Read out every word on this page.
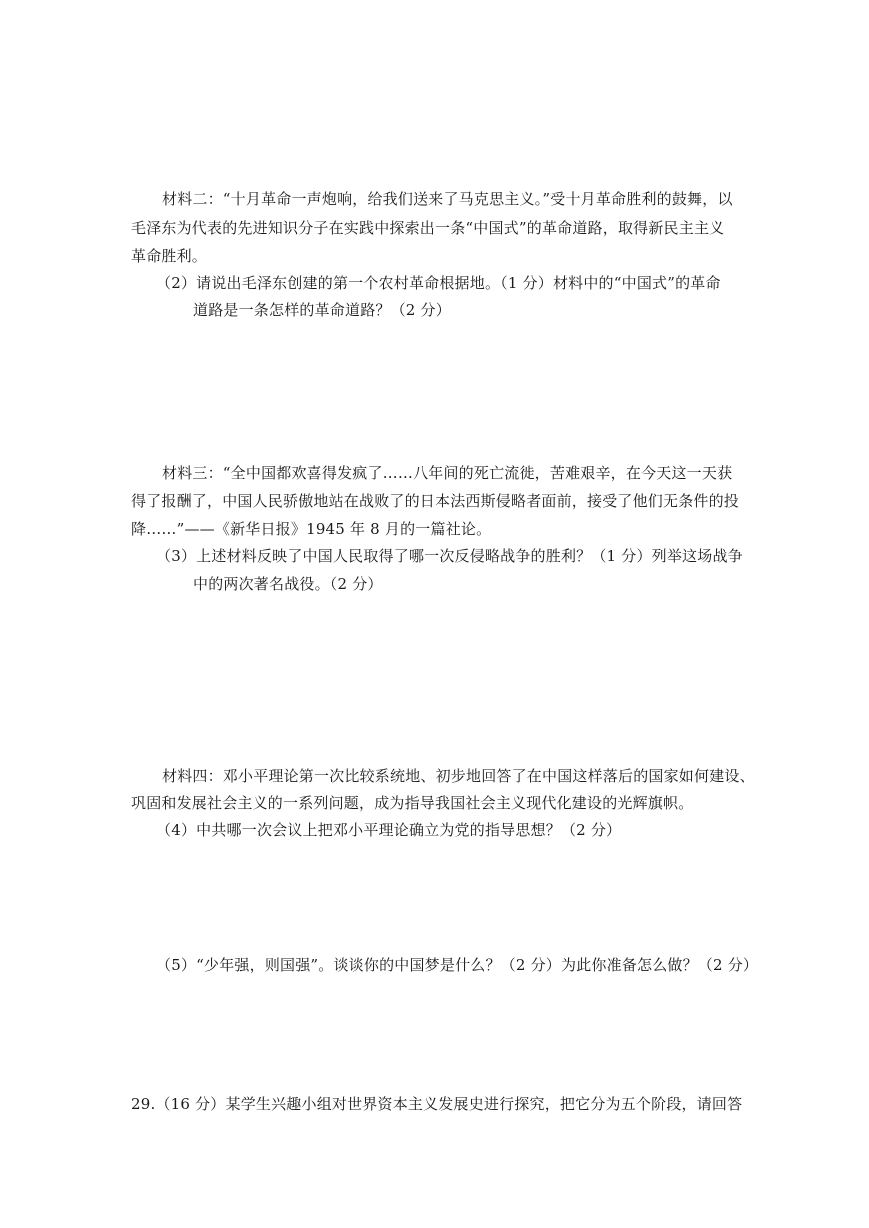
材料二：“十月革命一声炮响，给我们送来了马克思主义。”受十月革命胜利的鼓舞，以
毛泽东为代表的先进知识分子在实践中探索出一条“中国式”的革命道路，取得新民主主义
革命胜利。
（2）请说出毛泽东创建的第一个农村革命根据地。（1 分）材料中的“中国式”的革命
道路是一条怎样的革命道路？（2 分）
材料三：“全中国都欢喜得发疯了……八年间的死亡流徙，苦难艰辛，在今天这一天获
得了报酬了，中国人民骄傲地站在战败了的日本法西斯侵略者面前，接受了他们无条件的投
降……”——《新华日报》1945 年 8 月的一篇社论。
（3）上述材料反映了中国人民取得了哪一次反侵略战争的胜利？（1 分）列举这场战争
中的两次著名战役。（2 分）
材料四：邓小平理论第一次比较系统地、初步地回答了在中国这样落后的国家如何建设、
巩固和发展社会主义的一系列问题，成为指导我国社会主义现代化建设的光辉旗帜。
（4）中共哪一次会议上把邓小平理论确立为党的指导思想？（2 分）
（5）“少年强，则国强”。谈谈你的中国梦是什么？（2 分）为此你准备怎么做？（2 分）
29.（16 分）某学生兴趣小组对世界资本主义发展史进行探究，把它分为五个阶段，请回答
